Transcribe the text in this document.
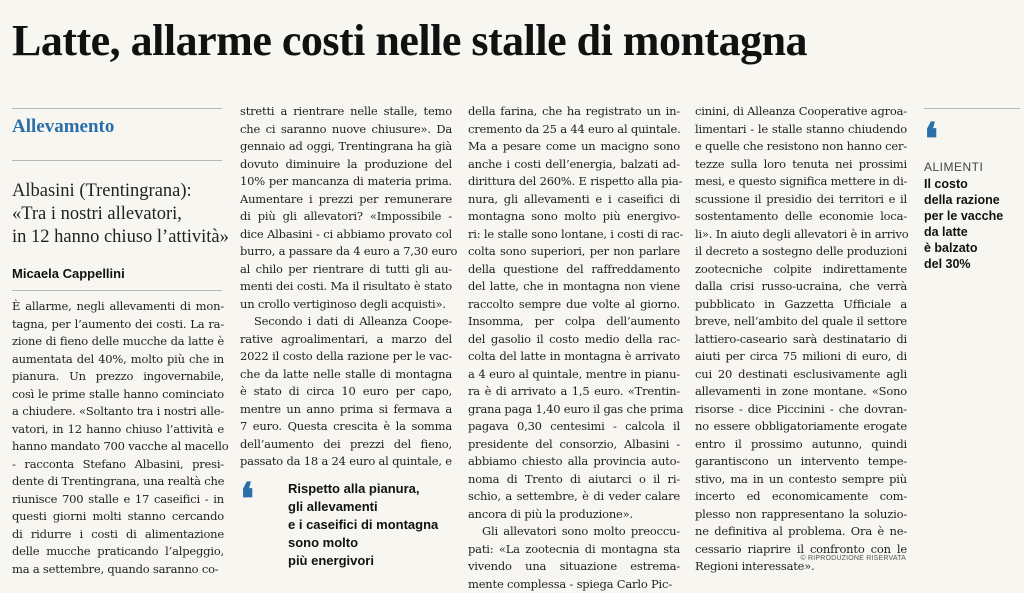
Latte, allarme costi nelle stalle di montagna
Allevamento
Albasini (Trentingrana):
«Tra i nostri allevatori,
in 12 hanno chiuso l’attività»
Micaela Cappellini
È allarme, negli allevamenti di mon-
tagna, per l’aumento dei costi. La ra-
zione di fieno delle mucche da latte è
aumentata del 40%, molto più che in
pianura. Un prezzo ingovernabile,
così le prime stalle hanno cominciato
a chiudere. «Soltanto tra i nostri alle-
vatori, in 12 hanno chiuso l’attività e
hanno mandato 700 vacche al macello
- racconta Stefano Albasini, presi-
dente di Trentingrana, una realtà che
riunisce 700 stalle e 17 caseifici - in
questi giorni molti stanno cercando
di ridurre i costi di alimentazione
delle mucche praticando l’alpeggio,
ma a settembre, quando saranno co-
stretti a rientrare nelle stalle, temo
che ci saranno nuove chiusure». Da
gennaio ad oggi, Trentingrana ha già
dovuto diminuire la produzione del
10% per mancanza di materia prima.
Aumentare i prezzi per remunerare
di più gli allevatori? «Impossibile -
dice Albasini - ci abbiamo provato col
burro, a passare da 4 euro a 7,30 euro
al chilo per rientrare di tutti gli au-
menti dei costi. Ma il risultato è stato
un crollo vertiginoso degli acquisti».
Secondo i dati di Alleanza Coope-
rative agroalimentari, a marzo del
2022 il costo della razione per le vac-
che da latte nelle stalle di montagna
è stato di circa 10 euro per capo,
mentre un anno prima si fermava a
7 euro. Questa crescita è la somma
dell’aumento dei prezzi del fieno,
passato da 18 a 24 euro al quintale, e
della farina, che ha registrato un in-
cremento da 25 a 44 euro al quintale.
Ma a pesare come un macigno sono
anche i costi dell’energia, balzati ad-
dirittura del 260%. E rispetto alla pia-
nura, gli allevamenti e i caseifici di
montagna sono molto più energivo-
ri: le stalle sono lontane, i costi di rac-
colta sono superiori, per non parlare
della questione del raffreddamento
del latte, che in montagna non viene
raccolto sempre due volte al giorno.
Insomma, per colpa dell’aumento
del gasolio il costo medio della rac-
colta del latte in montagna è arrivato
a 4 euro al quintale, mentre in pianu-
ra è di arrivato a 1,5 euro. «Trentin-
grana paga 1,40 euro il gas che prima
pagava 0,30 centesimi - calcola il
presidente del consorzio, Albasini -
abbiamo chiesto alla provincia auto-
noma di Trento di aiutarci o il ri-
schio, a settembre, è di veder calare
ancora di più la produzione».
Gli allevatori sono molto preoccu-
pati: «La zootecnia di montagna sta
vivendo una situazione estrema-
mente complessa - spiega Carlo Pic-
cinini, di Alleanza Cooperative agroa-
limentari - le stalle stanno chiudendo
e quelle che resistono non hanno cer-
tezze sulla loro tenuta nei prossimi
mesi, e questo significa mettere in di-
scussione il presidio dei territori e il
sostentamento delle economie loca-
li». In aiuto degli allevatori è in arrivo
il decreto a sostegno delle produzioni
zootecniche colpite indirettamente
dalla crisi russo-ucraina, che verrà
pubblicato in Gazzetta Ufficiale a
breve, nell’ambito del quale il settore
lattiero-caseario sarà destinatario di
aiuti per circa 75 milioni di euro, di
cui 20 destinati esclusivamente agli
allevamenti in zone montane. «Sono
risorse - dice Piccinini - che dovran-
no essere obbligatoriamente erogate
entro il prossimo autunno, quindi
garantiscono un intervento tempe-
stivo, ma in un contesto sempre più
incerto ed economicamente com-
plesso non rappresentano la soluzio-
ne definitiva al problema. Ora è ne-
cessario riaprire il confronto con le
Regioni interessate».
❛	Rispetto alla pianura,
gli allevamenti
e i caseifici di montagna
sono molto
più energivori
❛
ALIMENTI
Il costo
della razione
per le vacche
da latte
è balzato
del 30%
© RIPRODUZIONE RISERVATA
